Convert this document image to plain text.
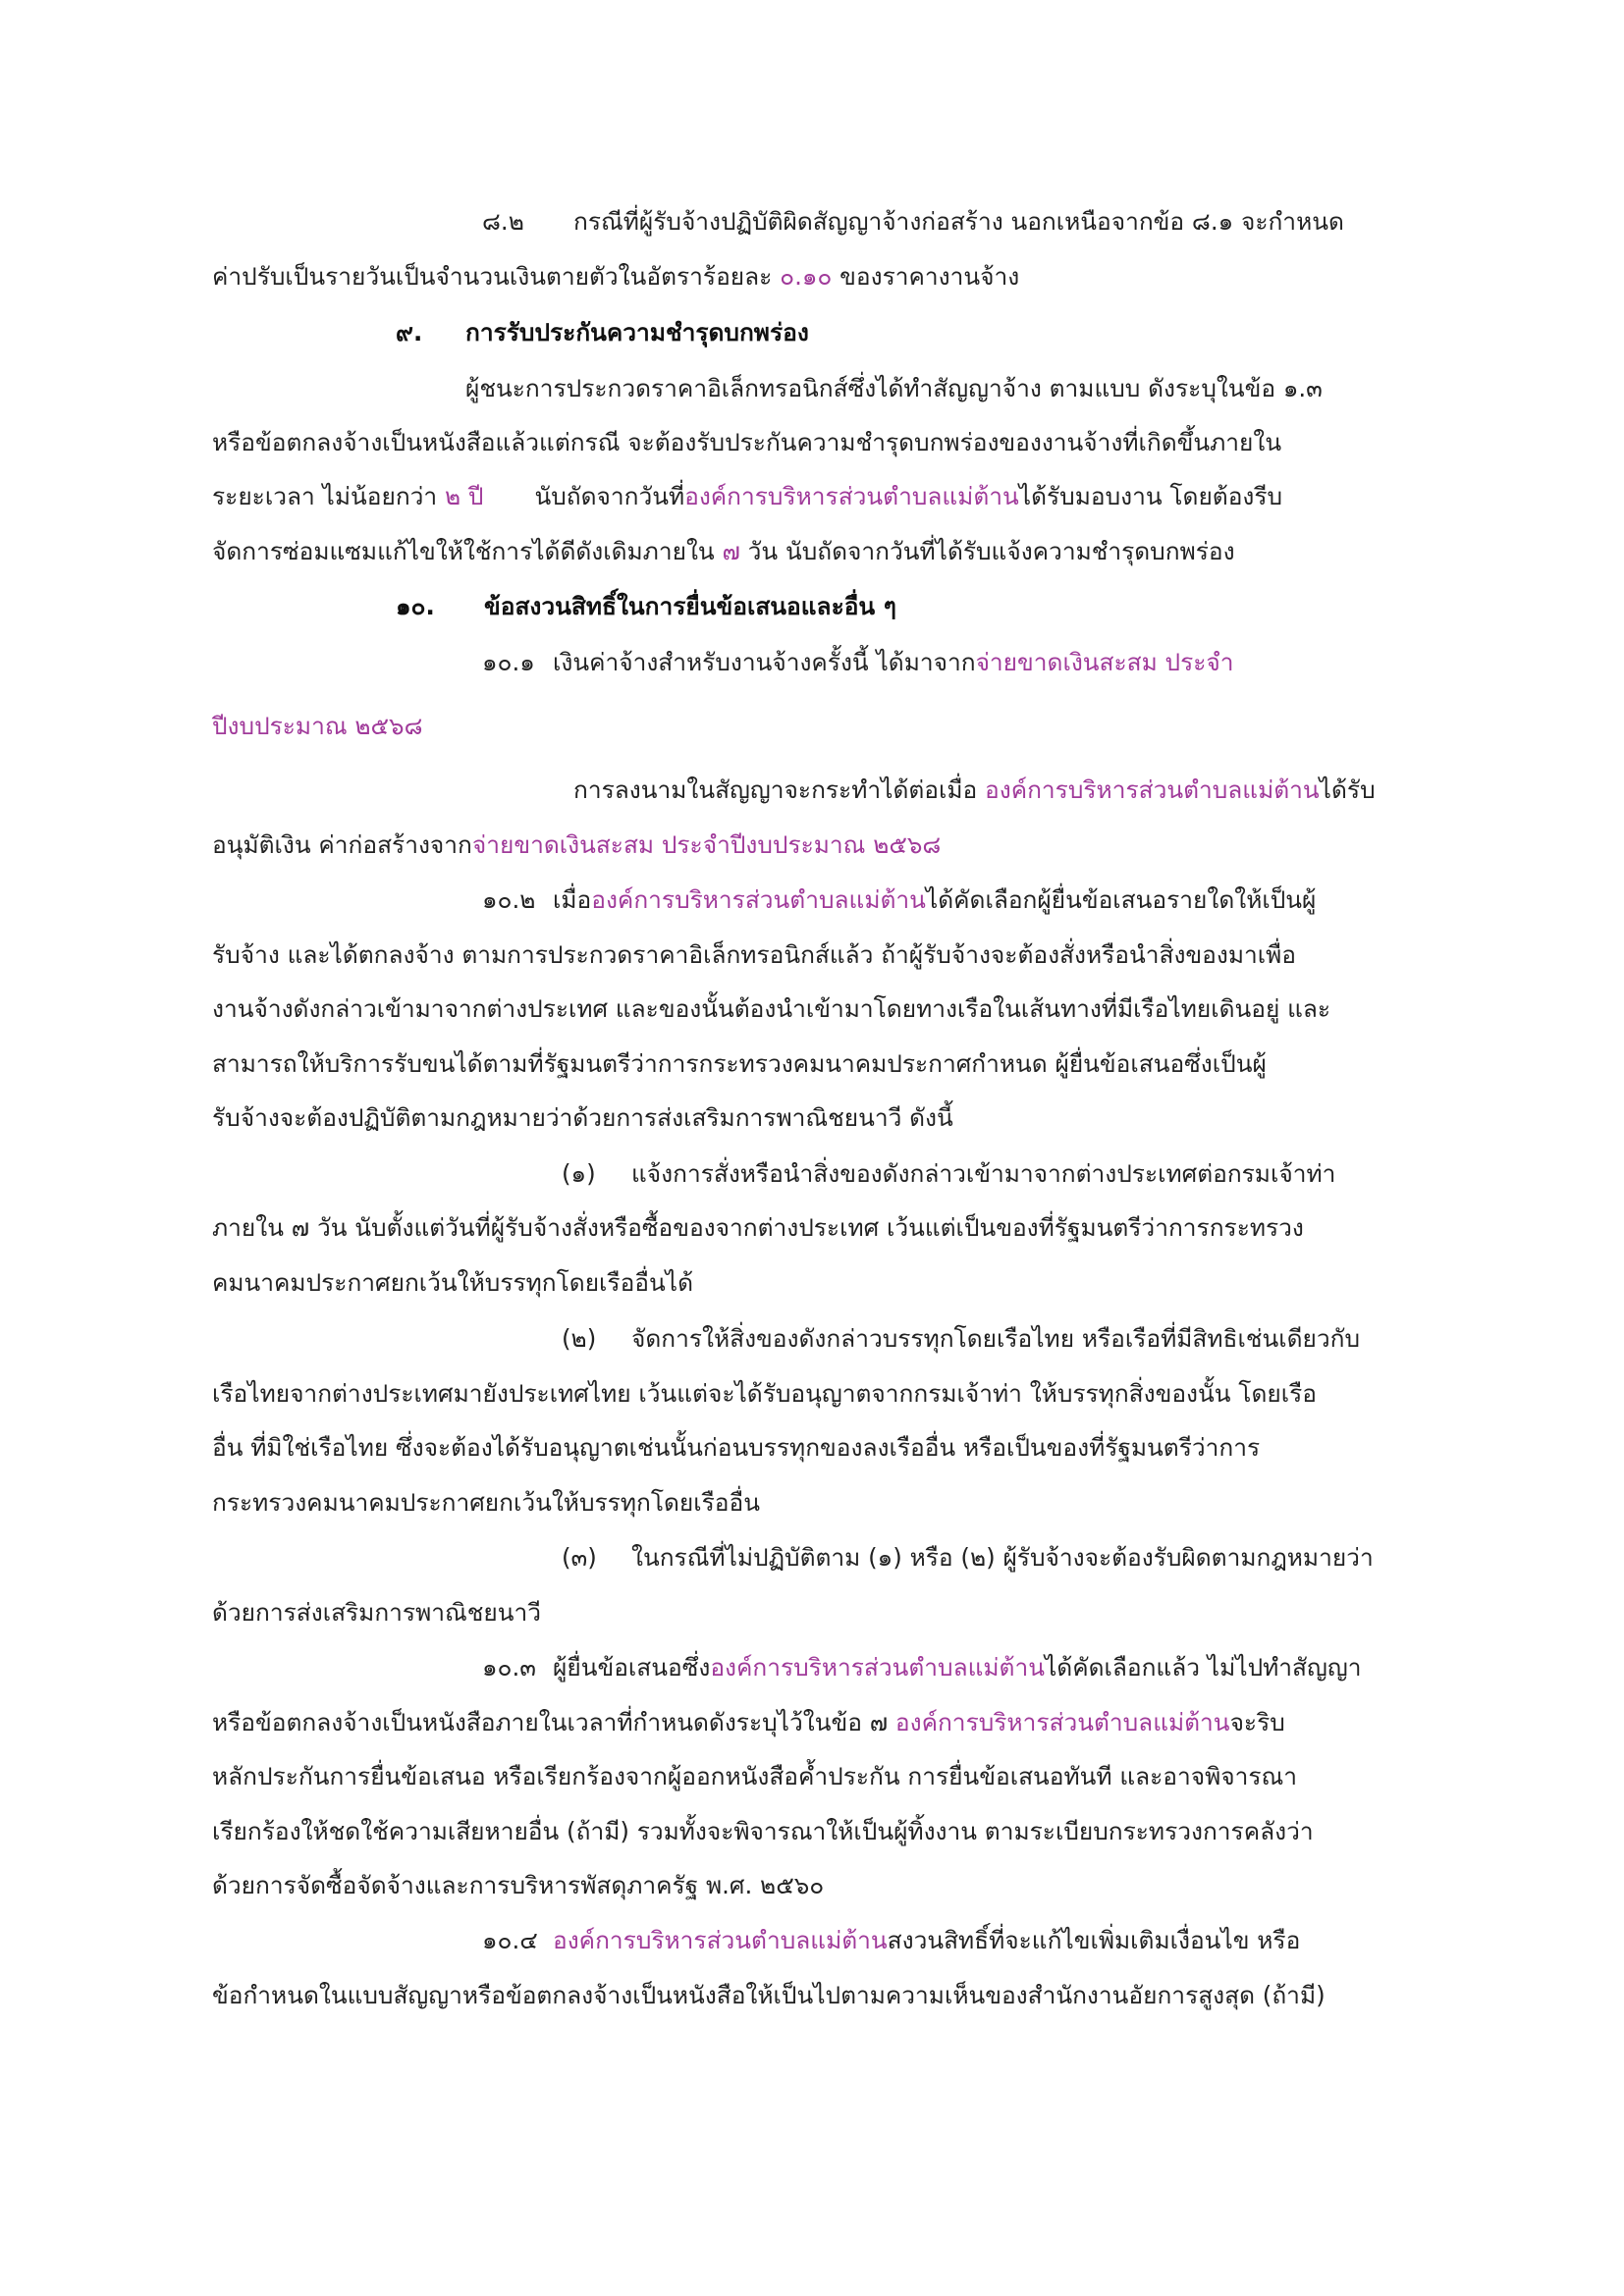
๘.๒ กรณีที่ผู้รับจ้างปฏิบัติผิดสัญญาจ้างก่อสร้าง นอกเหนือจากข้อ ๘.๑ จะกำหนด
ค่าปรับเป็นรายวันเป็นจำนวนเงินตายตัวในอัตราร้อยละ ๐.๑๐ ของราคางานจ้าง
๙. การรับประกันความชำรุดบกพร่อง
ผู้ชนะการประกวดราคาอิเล็กทรอนิกส์ซึ่งได้ทำสัญญาจ้าง ตามแบบ ดังระบุในข้อ ๑.๓
หรือข้อตกลงจ้างเป็นหนังสือแล้วแต่กรณี จะต้องรับประกันความชำรุดบกพร่องของงานจ้างที่เกิดขึ้นภายใน
ระยะเวลา ไม่น้อยกว่า ๒ ปี นับถัดจากวันที่องค์การบริหารส่วนตำบลแม่ต้านได้รับมอบงาน โดยต้องรีบ
จัดการซ่อมแซมแก้ไขให้ใช้การได้ดีดังเดิมภายใน ๗ วัน นับถัดจากวันที่ได้รับแจ้งความชำรุดบกพร่อง
๑๐. ข้อสงวนสิทธิ์ในการยื่นข้อเสนอและอื่น ๆ
๑๐.๑ เงินค่าจ้างสำหรับงานจ้างครั้งนี้ ได้มาจากจ่ายขาดเงินสะสม ประจำ
ปีงบประมาณ ๒๕๖๘
การลงนามในสัญญาจะกระทำได้ต่อเมื่อ องค์การบริหารส่วนตำบลแม่ต้านได้รับ
อนุมัติเงิน ค่าก่อสร้างจากจ่ายขาดเงินสะสม ประจำปีงบประมาณ ๒๕๖๘
๑๐.๒ เมื่อองค์การบริหารส่วนตำบลแม่ต้านได้คัดเลือกผู้ยื่นข้อเสนอรายใดให้เป็นผู้
รับจ้าง และได้ตกลงจ้าง ตามการประกวดราคาอิเล็กทรอนิกส์แล้ว ถ้าผู้รับจ้างจะต้องสั่งหรือนำสิ่งของมาเพื่อ
งานจ้างดังกล่าวเข้ามาจากต่างประเทศ และของนั้นต้องนำเข้ามาโดยทางเรือในเส้นทางที่มีเรือไทยเดินอยู่ และ
สามารถให้บริการรับขนได้ตามที่รัฐมนตรีว่าการกระทรวงคมนาคมประกาศกำหนด ผู้ยื่นข้อเสนอซึ่งเป็นผู้
รับจ้างจะต้องปฏิบัติตามกฎหมายว่าด้วยการส่งเสริมการพาณิชยนาวี ดังนี้
(๑) แจ้งการสั่งหรือนำสิ่งของดังกล่าวเข้ามาจากต่างประเทศต่อกรมเจ้าท่า
ภายใน ๗ วัน นับตั้งแต่วันที่ผู้รับจ้างสั่งหรือซื้อของจากต่างประเทศ เว้นแต่เป็นของที่รัฐมนตรีว่าการกระทรวง
คมนาคมประกาศยกเว้นให้บรรทุกโดยเรืออื่นได้
(๒) จัดการให้สิ่งของดังกล่าวบรรทุกโดยเรือไทย หรือเรือที่มีสิทธิเช่นเดียวกับ
เรือไทยจากต่างประเทศมายังประเทศไทย เว้นแต่จะได้รับอนุญาตจากกรมเจ้าท่า ให้บรรทุกสิ่งของนั้น โดยเรือ
อื่น ที่มิใช่เรือไทย ซึ่งจะต้องได้รับอนุญาตเช่นนั้นก่อนบรรทุกของลงเรืออื่น หรือเป็นของที่รัฐมนตรีว่าการ
กระทรวงคมนาคมประกาศยกเว้นให้บรรทุกโดยเรืออื่น
(๓) ในกรณีที่ไม่ปฏิบัติตาม (๑) หรือ (๒) ผู้รับจ้างจะต้องรับผิดตามกฎหมายว่า
ด้วยการส่งเสริมการพาณิชยนาวี
๑๐.๓ ผู้ยื่นข้อเสนอซึ่งองค์การบริหารส่วนตำบลแม่ต้านได้คัดเลือกแล้ว ไม่ไปทำสัญญา
หรือข้อตกลงจ้างเป็นหนังสือภายในเวลาที่กำหนดดังระบุไว้ในข้อ ๗ องค์การบริหารส่วนตำบลแม่ต้านจะริบ
หลักประกันการยื่นข้อเสนอ หรือเรียกร้องจากผู้ออกหนังสือค้ำประกัน การยื่นข้อเสนอทันที และอาจพิจารณา
เรียกร้องให้ชดใช้ความเสียหายอื่น (ถ้ามี) รวมทั้งจะพิจารณาให้เป็นผู้ทิ้งงาน ตามระเบียบกระทรวงการคลังว่า
ด้วยการจัดซื้อจัดจ้างและการบริหารพัสดุภาครัฐ พ.ศ. ๒๕๖๐
๑๐.๔ องค์การบริหารส่วนตำบลแม่ต้านสงวนสิทธิ์ที่จะแก้ไขเพิ่มเติมเงื่อนไข หรือ
ข้อกำหนดในแบบสัญญาหรือข้อตกลงจ้างเป็นหนังสือให้เป็นไปตามความเห็นของสำนักงานอัยการสูงสุด (ถ้ามี)
